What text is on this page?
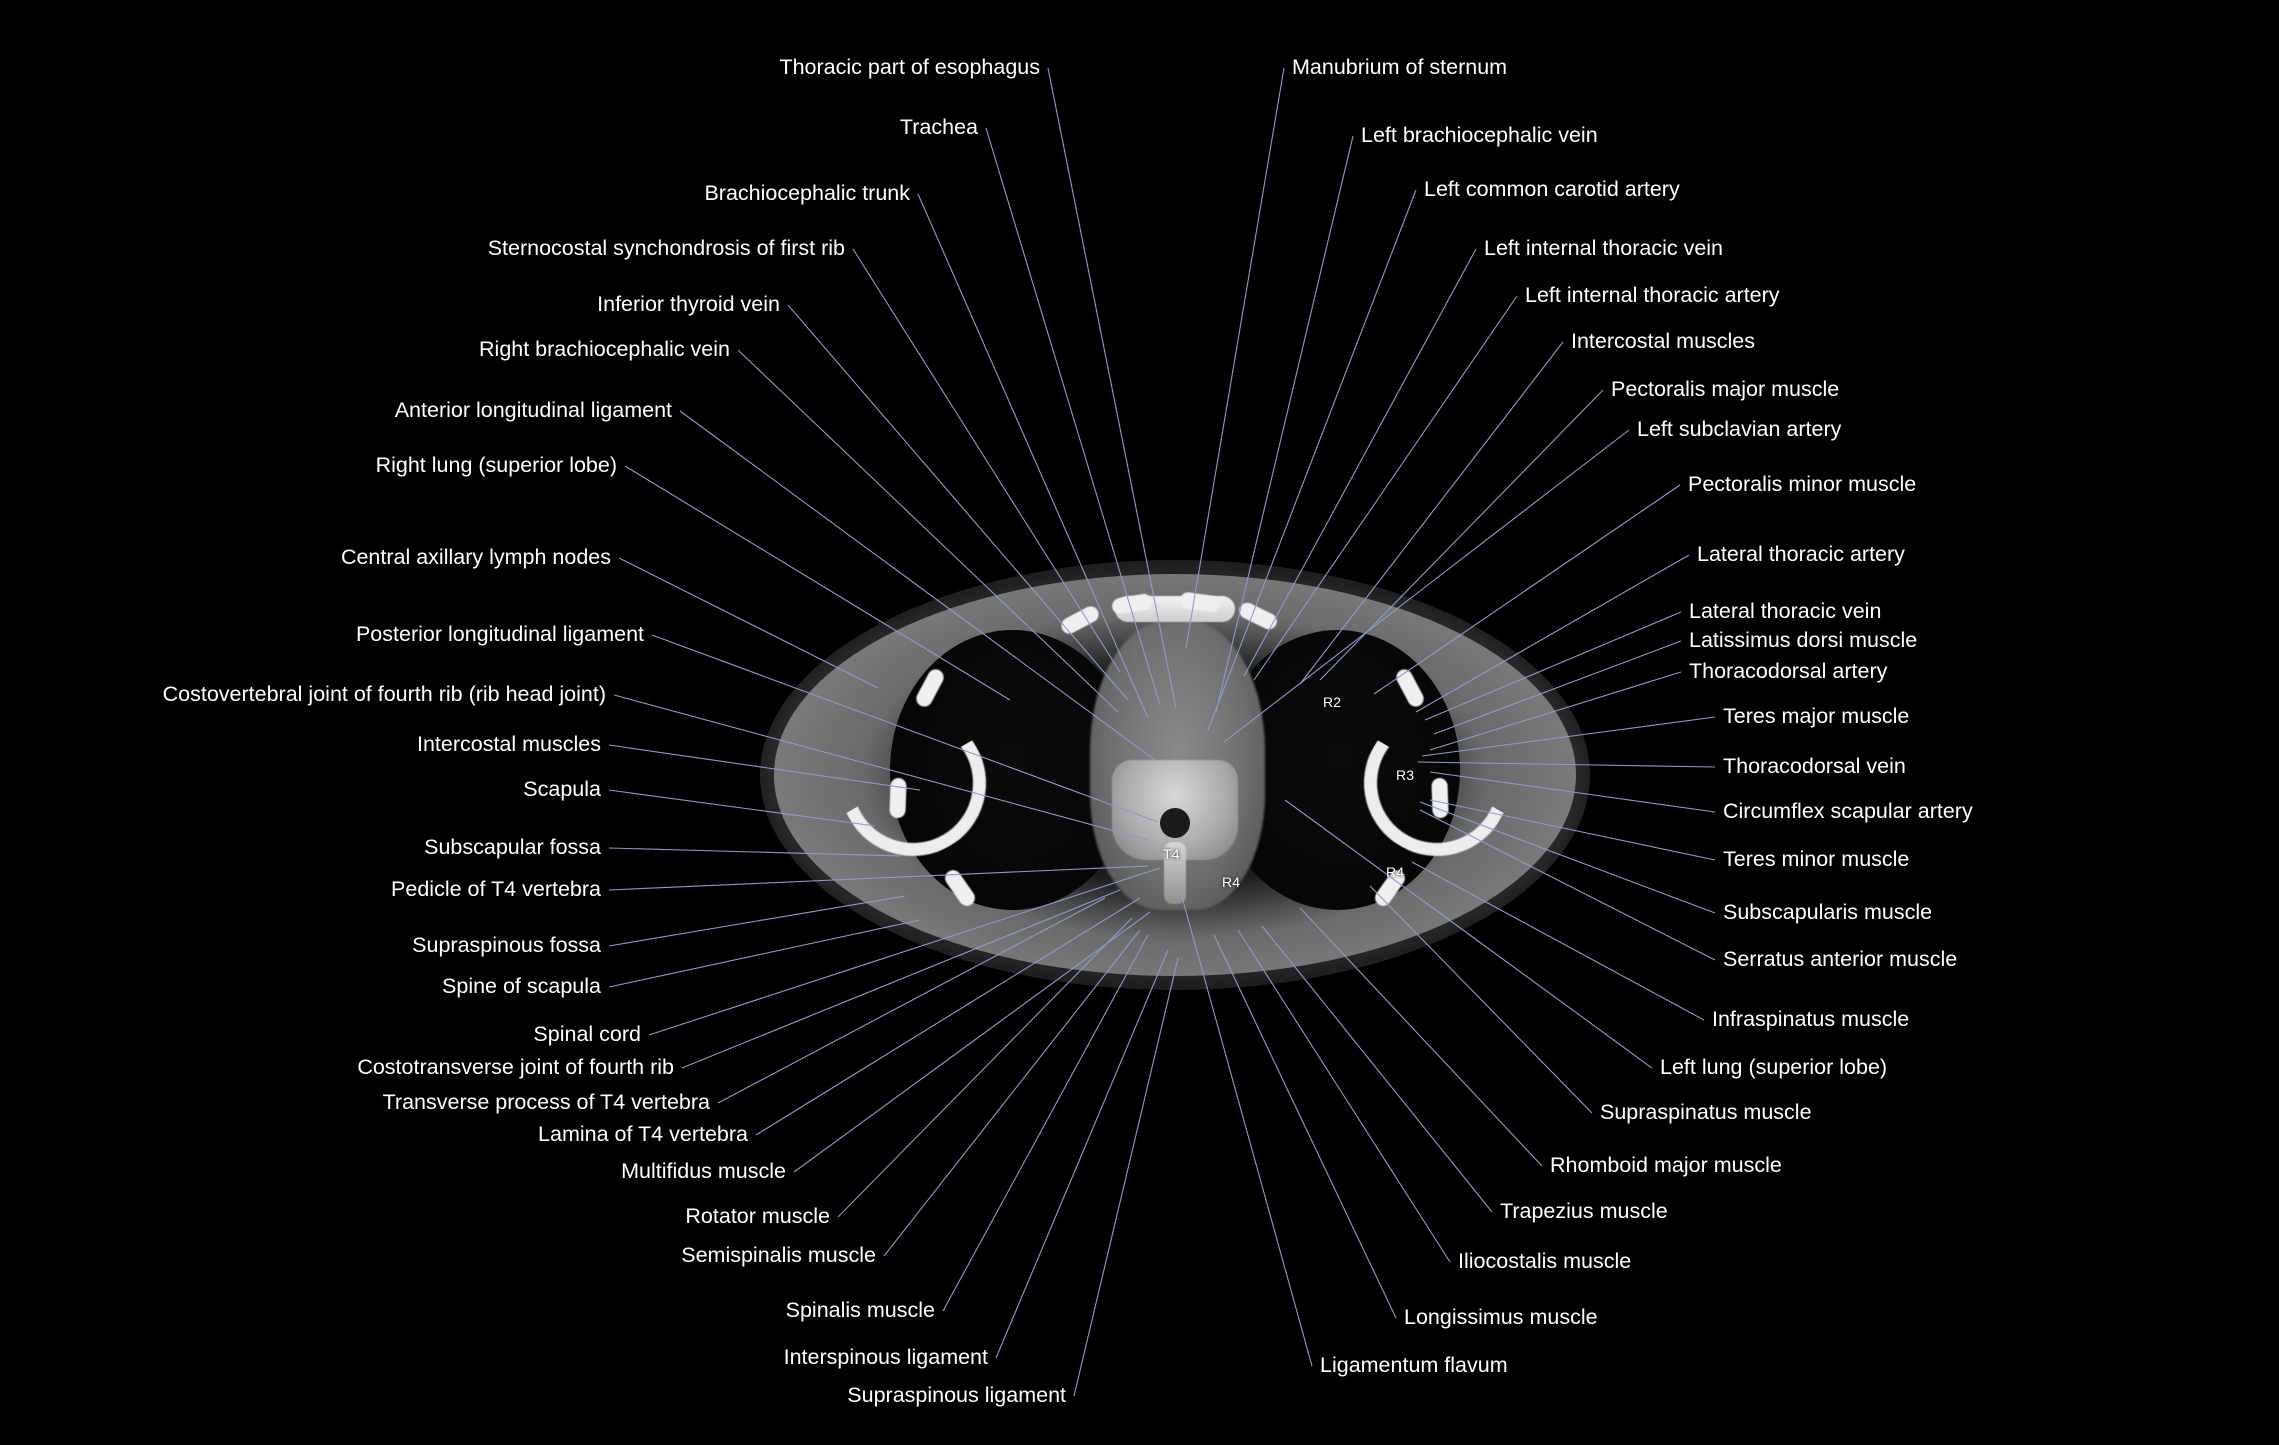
T4
R4
R4
R3
R2
Thoracic part of esophagus
Trachea
Brachiocephalic trunk
Sternocostal synchondrosis of first rib
Inferior thyroid vein
Right brachiocephalic vein
Anterior longitudinal ligament
Right lung (superior lobe)
Central axillary lymph nodes
Posterior longitudinal ligament
Costovertebral joint of fourth rib (rib head joint)
Intercostal muscles
Scapula
Subscapular fossa
Pedicle of T4 vertebra
Supraspinous fossa
Spine of scapula
Spinal cord
Costotransverse joint of fourth rib
Transverse process of T4 vertebra
Lamina of T4 vertebra
Multifidus muscle
Rotator muscle
Semispinalis muscle
Spinalis muscle
Interspinous ligament
Supraspinous ligament
Manubrium of sternum
Left brachiocephalic vein
Left common carotid artery
Left internal thoracic vein
Left internal thoracic artery
Intercostal muscles
Pectoralis major muscle
Left subclavian artery
Pectoralis minor muscle
Lateral thoracic artery
Lateral thoracic vein
Latissimus dorsi muscle
Thoracodorsal artery
Teres major muscle
Thoracodorsal vein
Circumflex scapular artery
Teres minor muscle
Subscapularis muscle
Serratus anterior muscle
Infraspinatus muscle
Left lung (superior lobe)
Supraspinatus muscle
Rhomboid major muscle
Trapezius muscle
Iliocostalis muscle
Longissimus muscle
Ligamentum flavum
